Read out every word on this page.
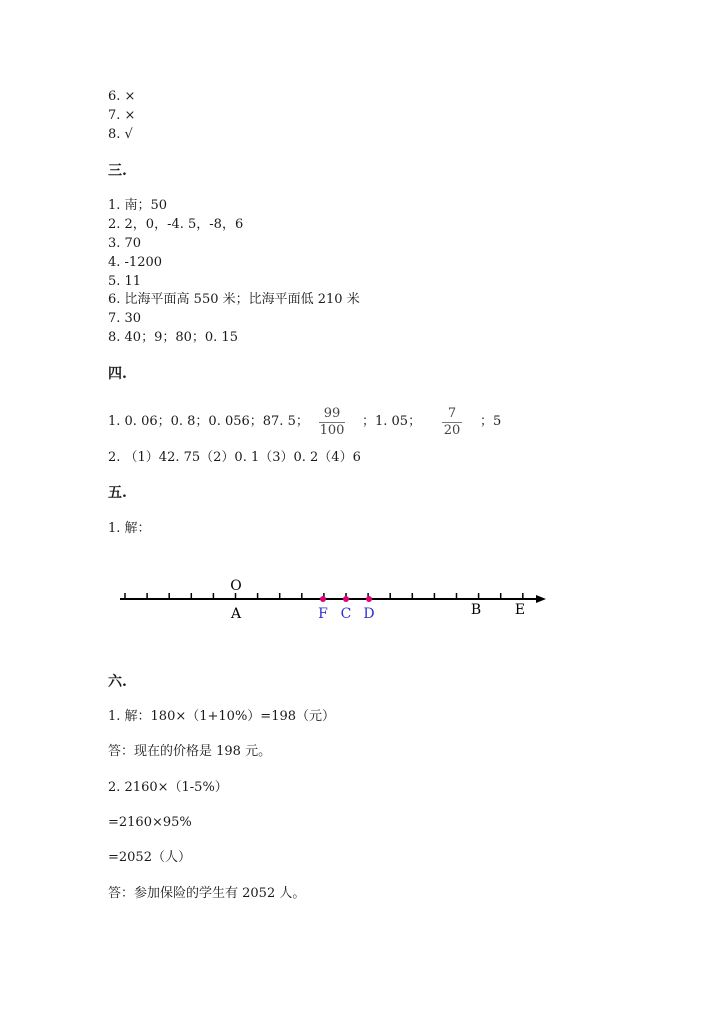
6. ×
7. ×
8. √
三.
1. 南；50
2. 2，0，-4. 5，-8，6
3. 70
4. -1200
5. 11
6. 比海平面高 550 米；比海平面低 210 米
7. 30
8. 40；9；80；0. 15
四.
1. 0. 06；0. 8；0. 056；87. 5；
99
100
；1. 05；
7
20
；5
2. （1）42. 75（2）0. 1（3）0. 2（4）6
五.
1. 解：
O
A	F C D	B E
六.
1. 解：180×（1+10%）=198（元）
答：现在的价格是 198 元。
2. 2160×（1-5%）
=2160×95%
=2052（人）
答：参加保险的学生有 2052 人。
